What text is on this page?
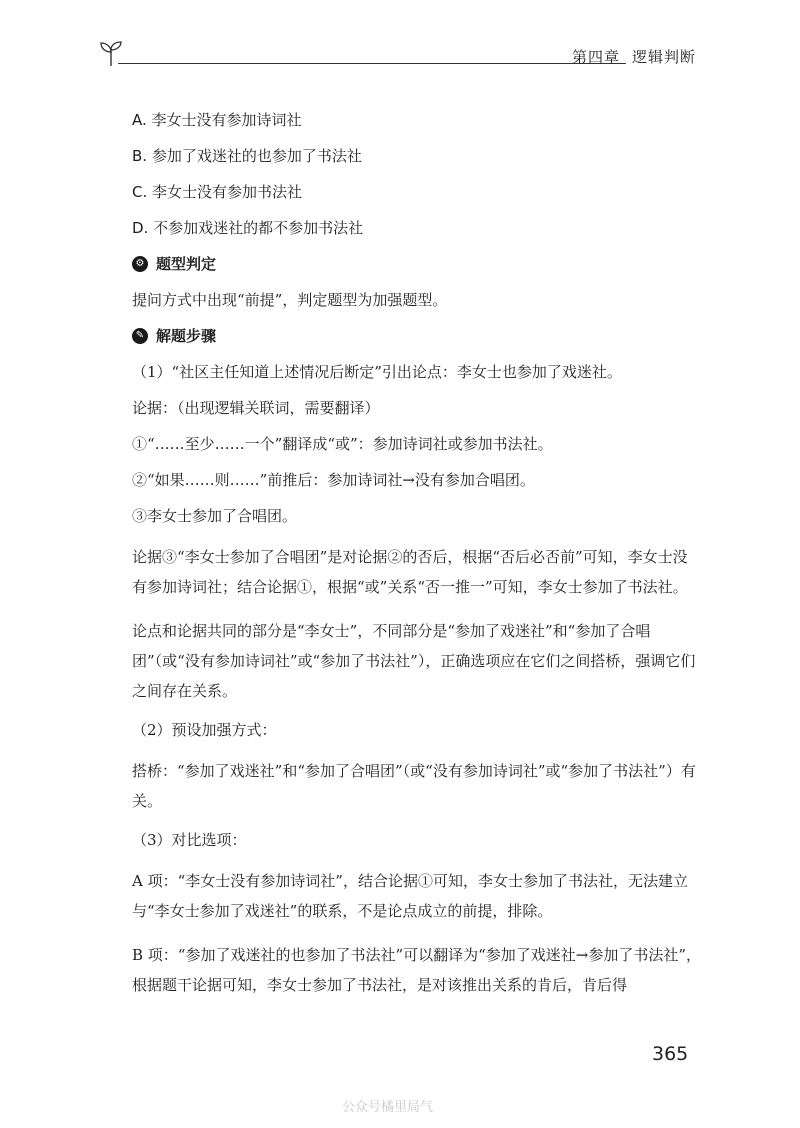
第四章 逻辑判断
A. 李女士没有参加诗词社
B. 参加了戏迷社的也参加了书法社
C. 李女士没有参加书法社
D. 不参加戏迷社的都不参加书法社
⚙ 题型判定
提问方式中出现“前提”，判定题型为加强题型。
✎ 解题步骤
（1）“社区主任知道上述情况后断定”引出论点：李女士也参加了戏迷社。
论据：（出现逻辑关联词，需要翻译）
①“……至少……一个”翻译成“或”：参加诗词社或参加书法社。
②“如果……则……”前推后：参加诗词社→没有参加合唱团。
③李女士参加了合唱团。
论据③“李女士参加了合唱团”是对论据②的否后，根据“否后必否前”可知，李女士没有参加诗词社；结合论据①，根据“或”关系“否一推一”可知，李女士参加了书法社。
论点和论据共同的部分是“李女士”，不同部分是“参加了戏迷社”和“参加了合唱团”（或“没有参加诗词社”或“参加了书法社”），正确选项应在它们之间搭桥，强调它们之间存在关系。
（2）预设加强方式：
搭桥：“参加了戏迷社”和“参加了合唱团”（或“没有参加诗词社”或“参加了书法社”）有关。
（3）对比选项：
A 项：“李女士没有参加诗词社”，结合论据①可知，李女士参加了书法社，无法建立与“李女士参加了戏迷社”的联系，不是论点成立的前提，排除。
B 项：“参加了戏迷社的也参加了书法社”可以翻译为“参加了戏迷社→参加了书法社”，根据题干论据可知，李女士参加了书法社，是对该推出关系的肯后，肯后得
365
公众号橘里局气
